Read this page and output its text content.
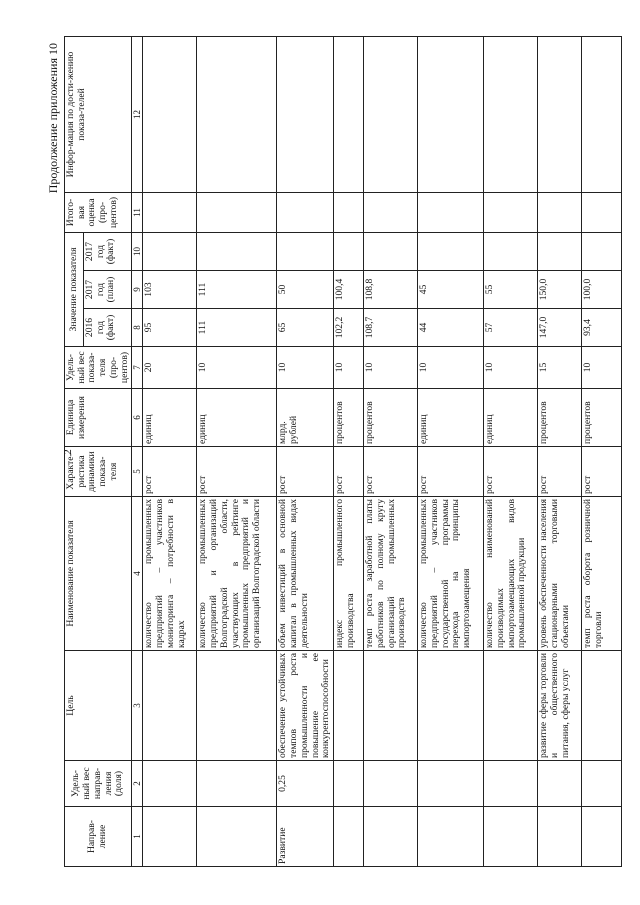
2
Продолжение приложения 10
Направ-ление	Удель-ный вес направ-ления (доля)	Цель	Наименование показателя	Характе-ристика динамики показа-теля	Единица измерения	Удель-ный вес показа-теля (про-центов)	Значение показателя			Итого-вая оценка (про-центов)	Инфор-мация по дости-жению показа-телей
							2016 год (факт)	2017 год (план)	2017 год (факт)		
1	2	3	4	5	6	7	8	9	10	11	12
			количество промышленных предприятий – участников мониторинга – потребности в кадрах	рост	единиц	20	95	103			
			количество промышленных предприятий и организаций Волгоградской области, участвующих в рейтинге промышленных предприятий и организаций Волгоградской области	рост	единиц	10	111	111			
Развитие	0,25	обеспечение устойчивых темпов роста промышленности и повышение ее конкурентоспособности	объем инвестиций в основной капитал в промышленных видах деятельности	рост	млрд. рублей	10	65	50			
			индекс промышленного производства	рост	процентов	10	102,2	100,4			
			темп роста заработной платы работников по полному кругу организаций промышленных производств	рост	процентов	10	108,7	108,8			
			количество промышленных предприятий – участников государственной программы перехода на принципы импортозамещения	рост	единиц	10	44	45			
			количество наименований производимых импортозамещающих видов промышленной продукции	рост	единиц	10	57	55			
		развитие сферы торговли и общественного питания, сферы услуг	уровень обеспеченности населения стационарными торговыми объектами	рост	процентов	15	147,0	150,0			
			темп роста оборота розничной торговли	рост	процентов	10	93,4	100,0			
